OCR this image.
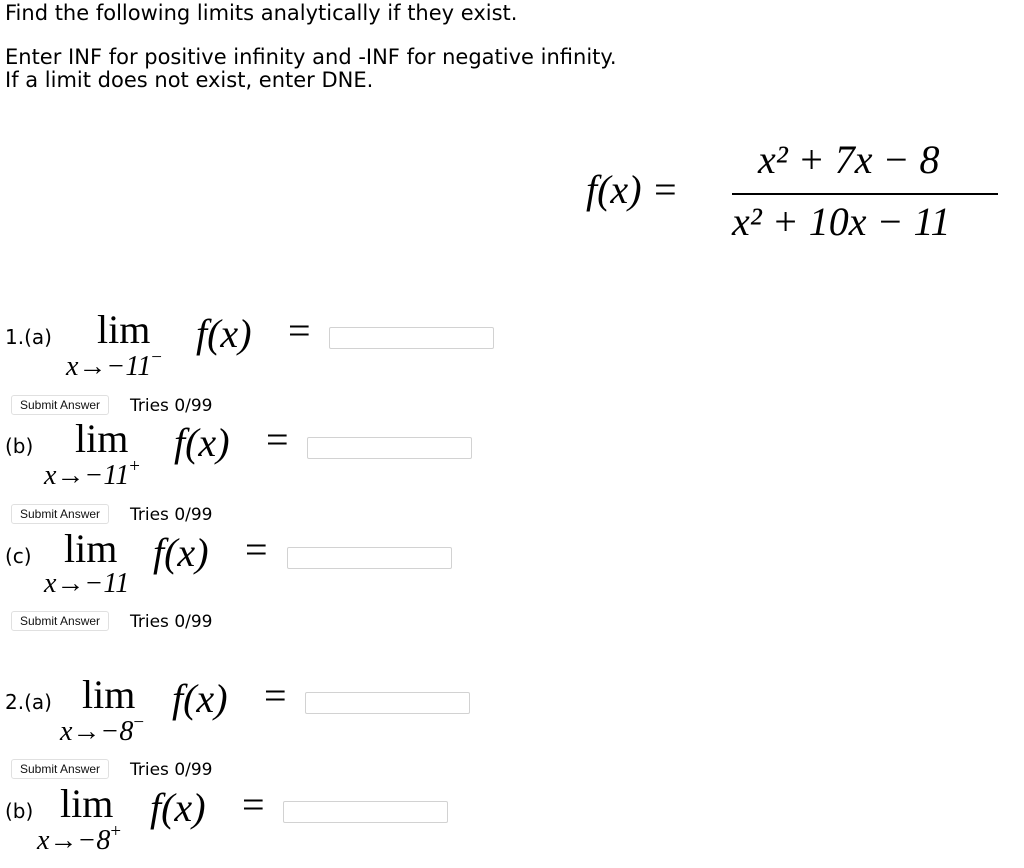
Find the following limits analytically if they exist.
Enter INF for positive infinity and -INF for negative infinity.
If a limit does not exist, enter DNE.
f(x) =
x² + 7x − 8
x² + 10x − 11
1.(a) lim f(x) =
x→−11−
Submit Answer	Tries 0/99
(b) lim f(x) =
x→−11+
Submit Answer	Tries 0/99
(c) lim f(x) =
x→−11
Submit Answer	Tries 0/99
2.(a) lim f(x) =
x→−8−
Submit Answer	Tries 0/99
(b) lim f(x) =
x→−8+
